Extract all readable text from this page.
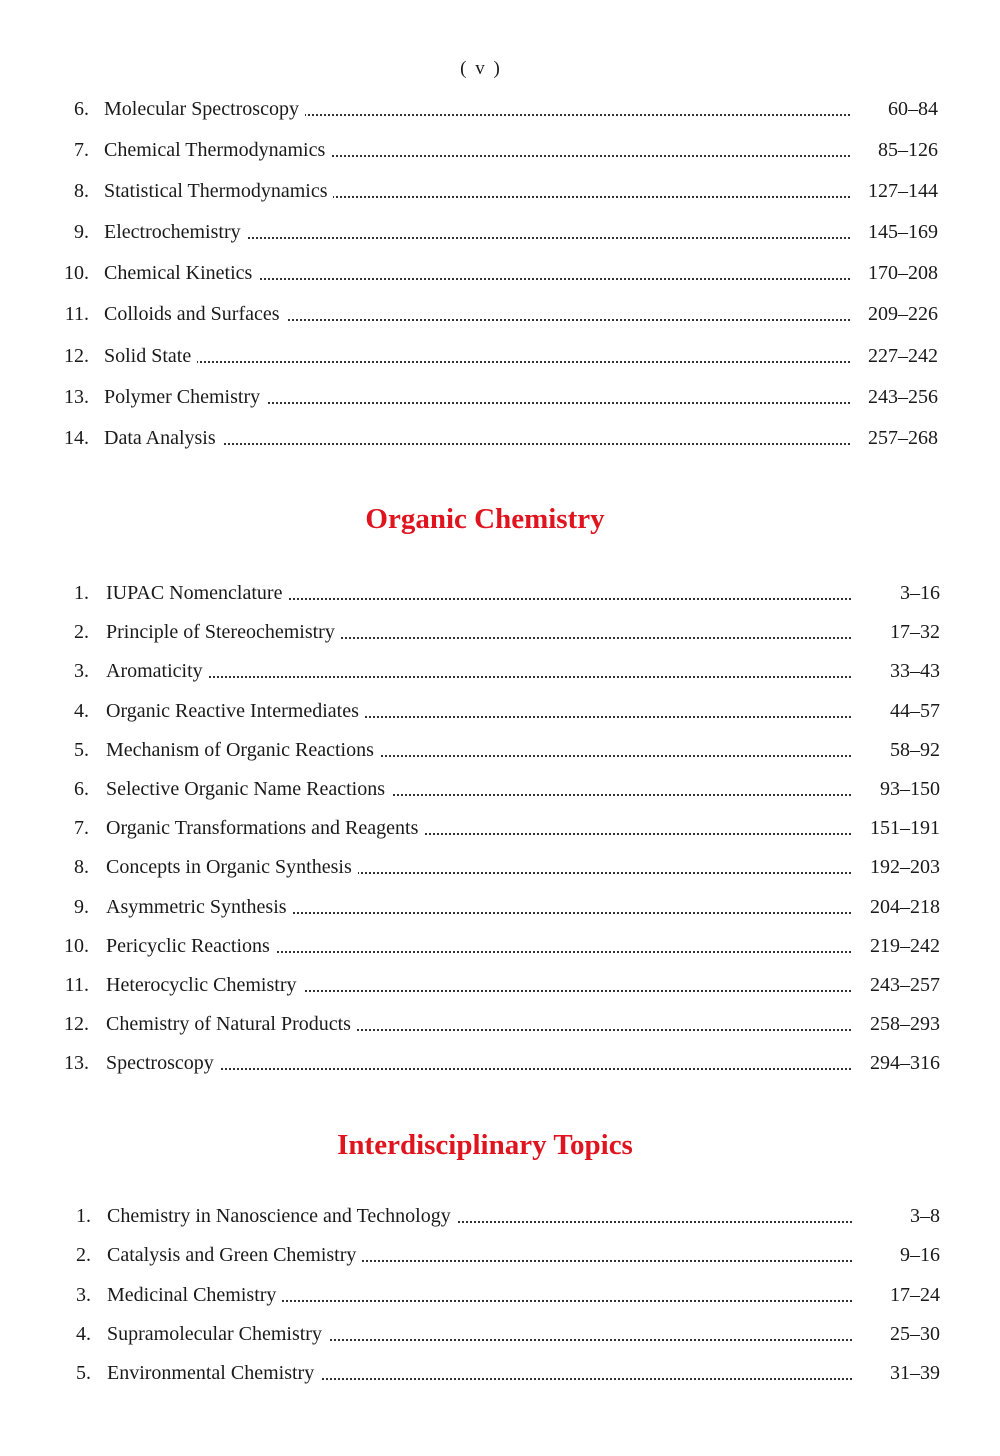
( v )
6. Molecular Spectroscopy	60–84
7. Chemical Thermodynamics	85–126
8. Statistical Thermodynamics	127–144
9. Electrochemistry	145–169
10. Chemical Kinetics	170–208
11. Colloids and Surfaces	209–226
12. Solid State	227–242
13. Polymer Chemistry	243–256
14. Data Analysis	257–268
Organic Chemistry
1. IUPAC Nomenclature	3–16
2. Principle of Stereochemistry	17–32
3. Aromaticity	33–43
4. Organic Reactive Intermediates	44–57
5. Mechanism of Organic Reactions	58–92
6. Selective Organic Name Reactions	93–150
7. Organic Transformations and Reagents	151–191
8. Concepts in Organic Synthesis	192–203
9. Asymmetric Synthesis	204–218
10. Pericyclic Reactions	219–242
11. Heterocyclic Chemistry	243–257
12. Chemistry of Natural Products	258–293
13. Spectroscopy	294–316
Interdisciplinary Topics
1. Chemistry in Nanoscience and Technology	3–8
2. Catalysis and Green Chemistry	9–16
3. Medicinal Chemistry	17–24
4. Supramolecular Chemistry	25–30
5. Environmental Chemistry	31–39
